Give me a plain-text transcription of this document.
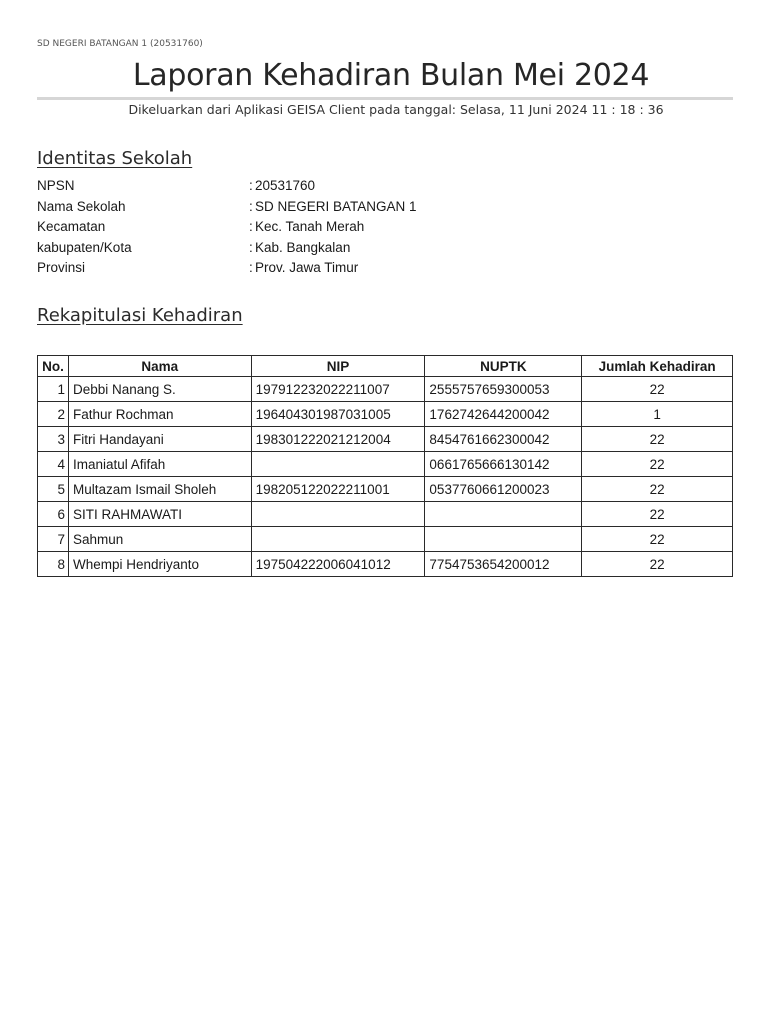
SD NEGERI BATANGAN 1 (20531760)
Laporan Kehadiran Bulan Mei 2024
Dikeluarkan dari Aplikasi GEISA Client pada tanggal: Selasa, 11 Juni 2024 11 : 18 : 36
Identitas Sekolah
NPSN	: 20531760
Nama Sekolah	: SD NEGERI BATANGAN 1
Kecamatan	: Kec. Tanah Merah
kabupaten/Kota	: Kab. Bangkalan
Provinsi	: Prov. Jawa Timur
Rekapitulasi Kehadiran
No.	Nama	NIP	NUPTK	Jumlah Kehadiran
1	Debbi Nanang S.	197912232022211007	2555757659300053	22
2	Fathur Rochman	196404301987031005	1762742644200042	1
3	Fitri Handayani	198301222021212004	8454761662300042	22
4	Imaniatul Afifah		0661765666130142	22
5	Multazam Ismail Sholeh	198205122022211001	0537760661200023	22
6	SITI RAHMAWATI			22
7	Sahmun			22
8	Whempi Hendriyanto	197504222006041012	7754753654200012	22
